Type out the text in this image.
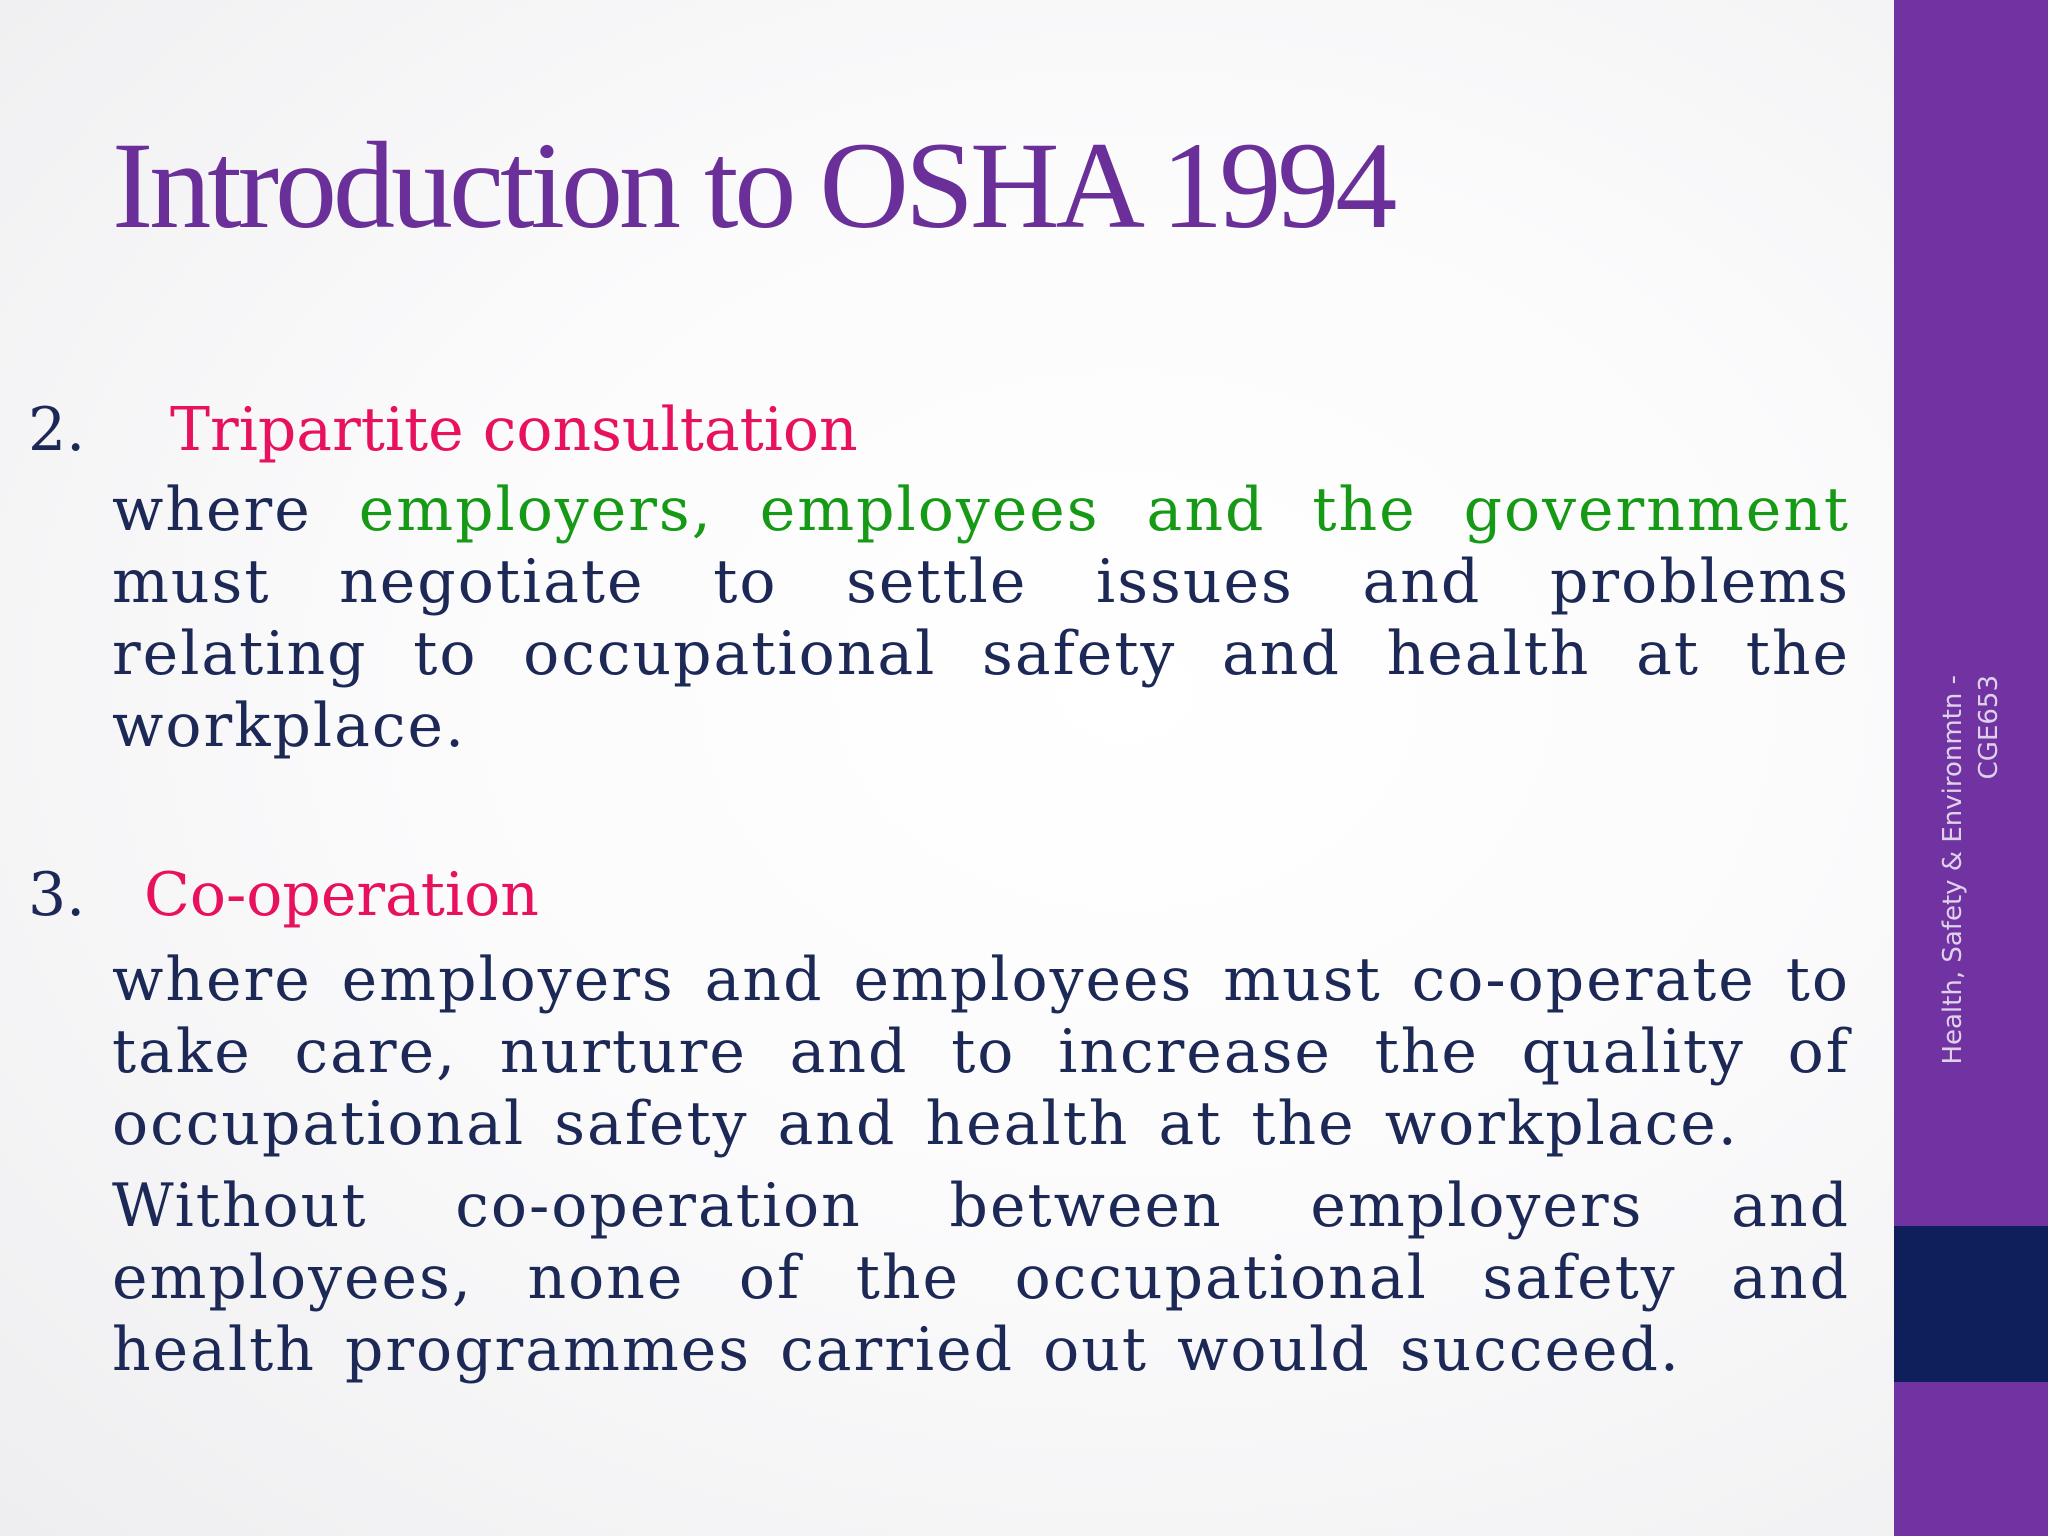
Introduction to OSHA 1994
2. Tripartite consultation
where employers, employees and the government must negotiate to settle issues and problems relating to occupational safety and health at the workplace.
3. Co-operation
where employers and employees must co-operate to take care, nurture and to increase the quality of occupational safety and health at the workplace.
Without co-operation between employers and employees, none of the occupational safety and health programmes carried out would succeed.
Health, Safety & Environmtn - CGE653
